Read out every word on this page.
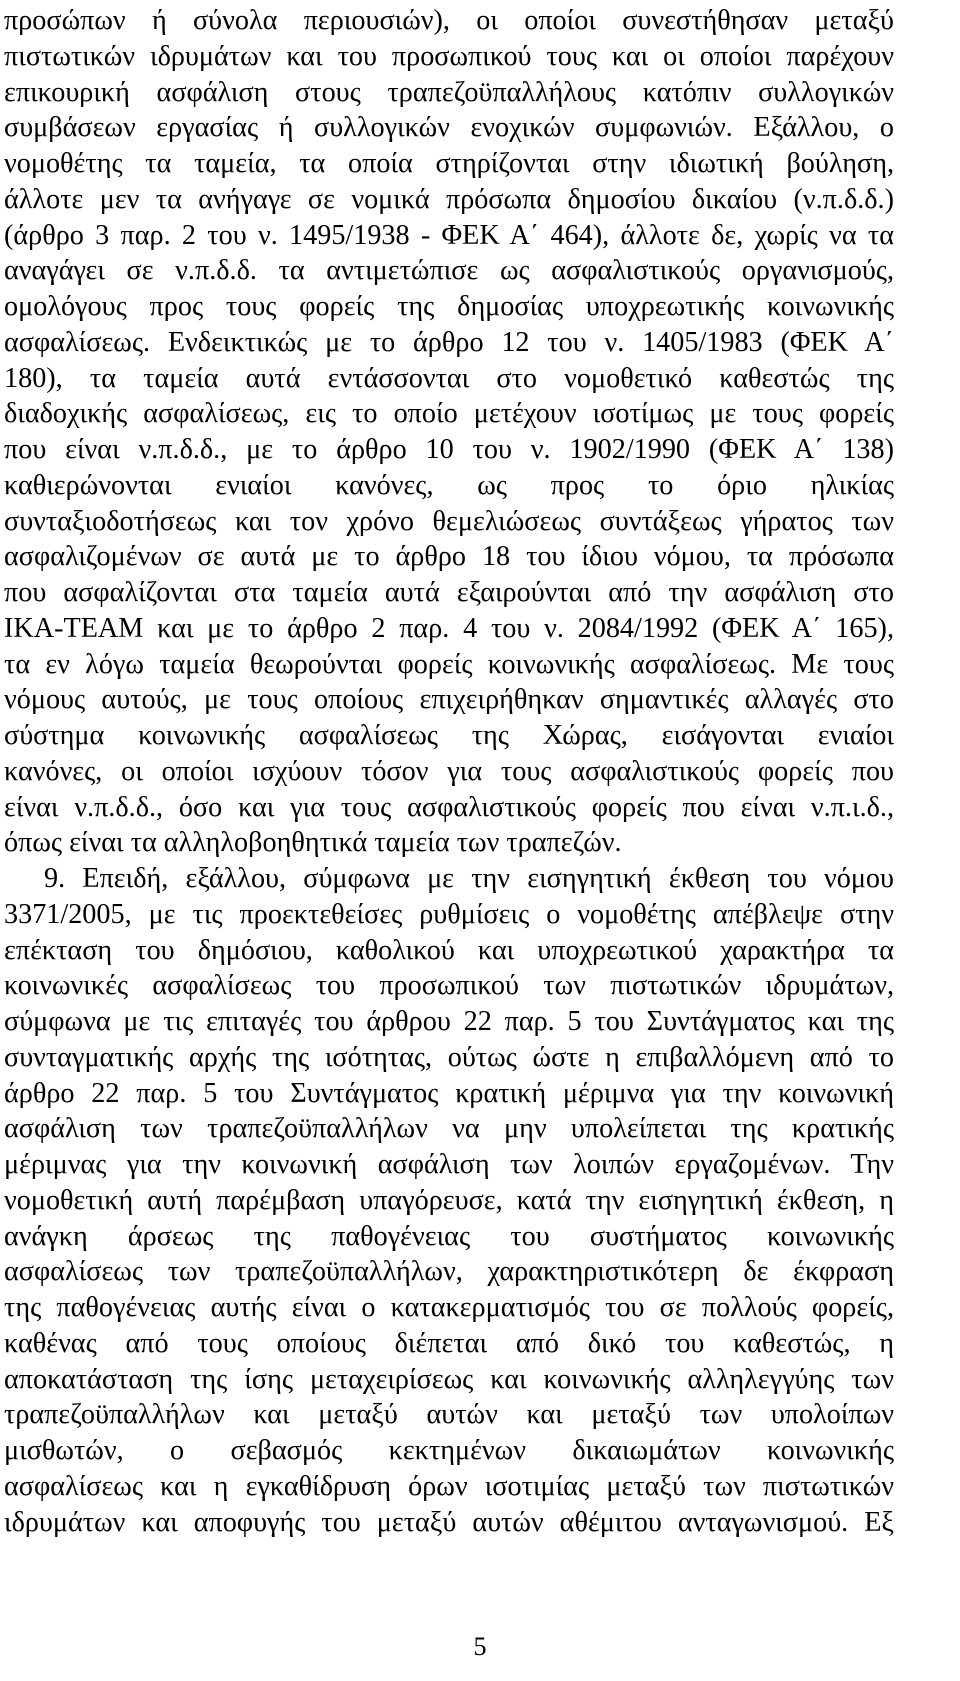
προσώπων ή σύνολα περιουσιών), οι οποίοι συνεστήθησαν μεταξύ
πιστωτικών ιδρυμάτων και του προσωπικού τους και οι οποίοι παρέχουν
επικουρική ασφάλιση στους τραπεζοϋπαλλήλους κατόπιν συλλογικών
συμβάσεων εργασίας ή συλλογικών ενοχικών συμφωνιών. Εξάλλου, ο
νομοθέτης τα ταμεία, τα οποία στηρίζονται στην ιδιωτική βούληση,
άλλοτε μεν τα ανήγαγε σε νομικά πρόσωπα δημοσίου δικαίου (ν.π.δ.δ.)
(άρθρο 3 παρ. 2 του ν. 1495/1938 - ΦΕΚ Α΄ 464), άλλοτε δε, χωρίς να τα
αναγάγει σε ν.π.δ.δ. τα αντιμετώπισε ως ασφαλιστικούς οργανισμούς,
ομολόγους προς τους φορείς της δημοσίας υποχρεωτικής κοινωνικής
ασφαλίσεως. Ενδεικτικώς με το άρθρο 12 του ν. 1405/1983 (ΦΕΚ Α΄
180), τα ταμεία αυτά εντάσσονται στο νομοθετικό καθεστώς της
διαδοχικής ασφαλίσεως, εις το οποίο μετέχουν ισοτίμως με τους φορείς
που είναι ν.π.δ.δ., με το άρθρο 10 του ν. 1902/1990 (ΦΕΚ Α΄ 138)
καθιερώνονται ενιαίοι κανόνες, ως προς το όριο ηλικίας
συνταξιοδοτήσεως και τον χρόνο θεμελιώσεως συντάξεως γήρατος των
ασφαλιζομένων σε αυτά με το άρθρο 18 του ίδιου νόμου, τα πρόσωπα
που ασφαλίζονται στα ταμεία αυτά εξαιρούνται από την ασφάλιση στο
ΙΚΑ-ΤΕΑΜ και με το άρθρο 2 παρ. 4 του ν. 2084/1992 (ΦΕΚ Α΄ 165),
τα εν λόγω ταμεία θεωρούνται φορείς κοινωνικής ασφαλίσεως. Με τους
νόμους αυτούς, με τους οποίους επιχειρήθηκαν σημαντικές αλλαγές στο
σύστημα κοινωνικής ασφαλίσεως της Χώρας, εισάγονται ενιαίοι
κανόνες, οι οποίοι ισχύουν τόσον για τους ασφαλιστικούς φορείς που
είναι ν.π.δ.δ., όσο και για τους ασφαλιστικούς φορείς που είναι ν.π.ι.δ.,
όπως είναι τα αλληλοβοηθητικά ταμεία των τραπεζών.
9. Επειδή, εξάλλου, σύμφωνα με την εισηγητική έκθεση του νόμου
3371/2005, με τις προεκτεθείσες ρυθμίσεις ο νομοθέτης απέβλεψε στην
επέκταση του δημόσιου, καθολικού και υποχρεωτικού χαρακτήρα τα
κοινωνικές ασφαλίσεως του προσωπικού των πιστωτικών ιδρυμάτων,
σύμφωνα με τις επιταγές του άρθρου 22 παρ. 5 του Συντάγματος και της
συνταγματικής αρχής της ισότητας, ούτως ώστε η επιβαλλόμενη από το
άρθρο 22 παρ. 5 του Συντάγματος κρατική μέριμνα για την κοινωνική
ασφάλιση των τραπεζοϋπαλλήλων να μην υπολείπεται της κρατικής
μέριμνας για την κοινωνική ασφάλιση των λοιπών εργαζομένων. Την
νομοθετική αυτή παρέμβαση υπαγόρευσε, κατά την εισηγητική έκθεση, η
ανάγκη άρσεως της παθογένειας του συστήματος κοινωνικής
ασφαλίσεως των τραπεζοϋπαλλήλων, χαρακτηριστικότερη δε έκφραση
της παθογένειας αυτής είναι ο κατακερματισμός του σε πολλούς φορείς,
καθένας από τους οποίους διέπεται από δικό του καθεστώς, η
αποκατάσταση της ίσης μεταχειρίσεως και κοινωνικής αλληλεγγύης των
τραπεζοϋπαλλήλων και μεταξύ αυτών και μεταξύ των υπολοίπων
μισθωτών, ο σεβασμός κεκτημένων δικαιωμάτων κοινωνικής
ασφαλίσεως και η εγκαθίδρυση όρων ισοτιμίας μεταξύ των πιστωτικών
ιδρυμάτων και αποφυγής του μεταξύ αυτών αθέμιτου ανταγωνισμού. Εξ
5
